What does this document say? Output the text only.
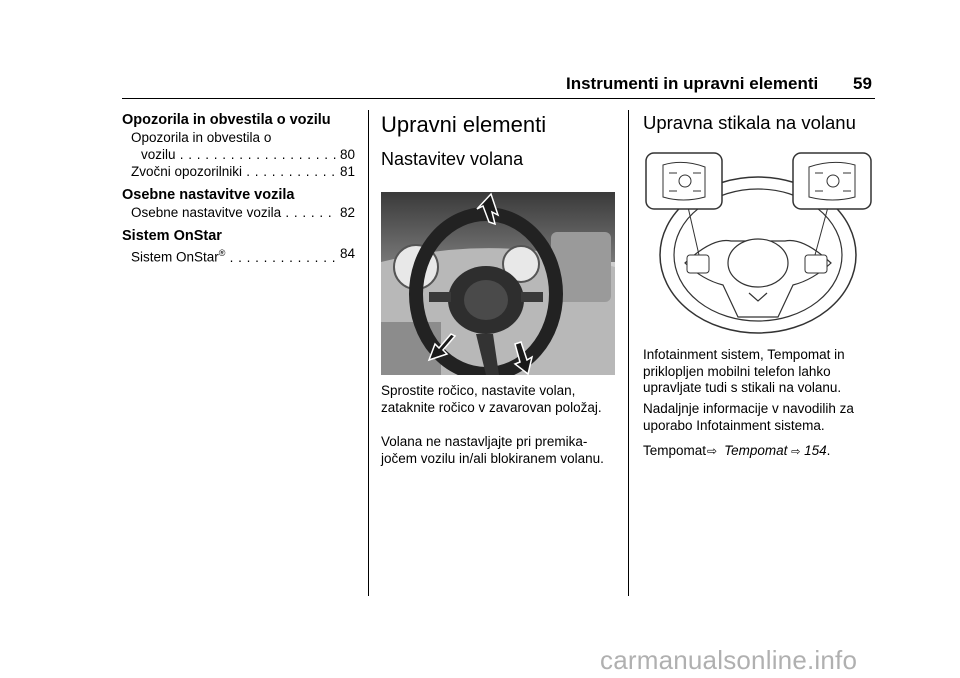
Instrumenti in upravni elementi 59
Opozorila in obvestila o vozilu
Opozorila in obvestila o
vozilu . . .	80
Zvočni opozorilniki . . .	81
Osebne nastavitve vozila
Osebne nastavitve vozila . . .	82
Sistem OnStar
Sistem OnStar® . . .	84
Upravni elementi
Nastavitev volana

Sprostite ročico, nastavite volan, zataknite ročico v zavarovan položaj.

Volana ne nastavljajte pri premika-jočem vozilu in/ali blokiranem volanu.

Upravna stikala na volanu

Infotainment sistem, Tempomat in priklopljen mobilni telefon lahko upravljate tudi s stikali na volanu.

Nadaljnje informacije v navodilih za uporabo Infotainment sistema.

Tempomat⇨ Tempomat ⇨ 154.

carmanualsonline.info
